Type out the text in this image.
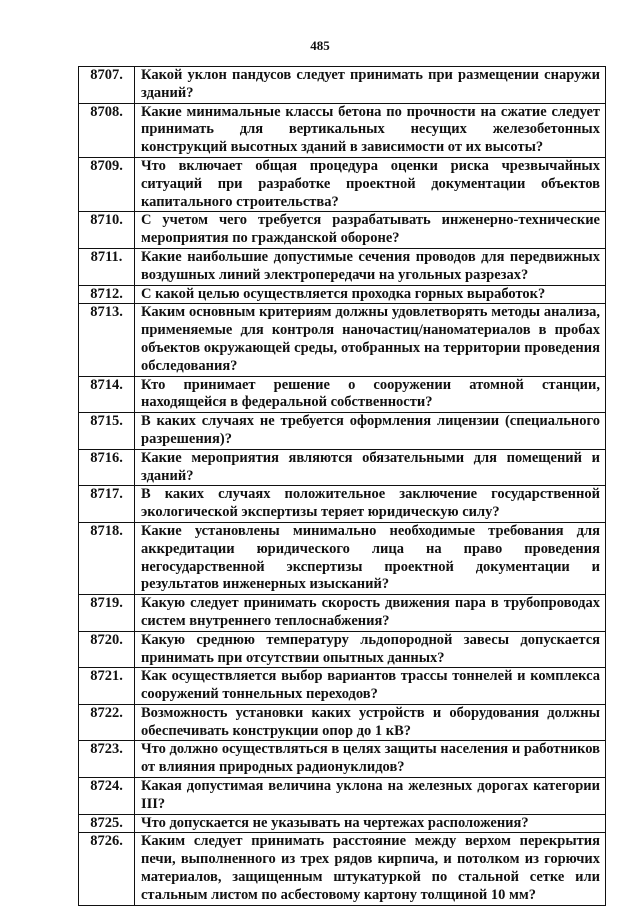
485
8707.	Какой уклон пандусов следует принимать при размещении снаружи зданий?
8708.	Какие минимальные классы бетона по прочности на сжатие следует принимать для вертикальных несущих железобетонных конструкций высотных зданий в зависимости от их высоты?
8709.	Что включает общая процедура оценки риска чрезвычайных ситуаций при разработке проектной документации объектов капитального строительства?
8710.	С учетом чего требуется разрабатывать инженерно-технические мероприятия по гражданской обороне?
8711.	Какие наибольшие допустимые сечения проводов для передвижных воздушных линий электропередачи на угольных разрезах?
8712.	С какой целью осуществляется проходка горных выработок?
8713.	Каким основным критериям должны удовлетворять методы анализа, применяемые для контроля наночастиц/наноматериалов в пробах объектов окружающей среды, отобранных на территории проведения обследования?
8714.	Кто принимает решение о сооружении атомной станции, находящейся в федеральной собственности?
8715.	В каких случаях не требуется оформления лицензии (специального разрешения)?
8716.	Какие мероприятия являются обязательными для помещений и зданий?
8717.	В каких случаях положительное заключение государственной экологической экспертизы теряет юридическую силу?
8718.	Какие установлены минимально необходимые требования для аккредитации юридического лица на право проведения негосударственной экспертизы проектной документации и результатов инженерных изысканий?
8719.	Какую следует принимать скорость движения пара в трубопроводах систем внутреннего теплоснабжения?
8720.	Какую среднюю температуру льдопородной завесы допускается принимать при отсутствии опытных данных?
8721.	Как осуществляется выбор вариантов трассы тоннелей и комплекса сооружений тоннельных переходов?
8722.	Возможность установки каких устройств и оборудования должны обеспечивать конструкции опор до 1 кВ?
8723.	Что должно осуществляться в целях защиты населения и работников от влияния природных радионуклидов?
8724.	Какая допустимая величина уклона на железных дорогах категории III?
8725.	Что допускается не указывать на чертежах расположения?
8726.	Каким следует принимать расстояние между верхом перекрытия печи, выполненного из трех рядов кирпича, и потолком из горючих материалов, защищенным штукатуркой по стальной сетке или стальным листом по асбестовому картону толщиной 10 мм?
